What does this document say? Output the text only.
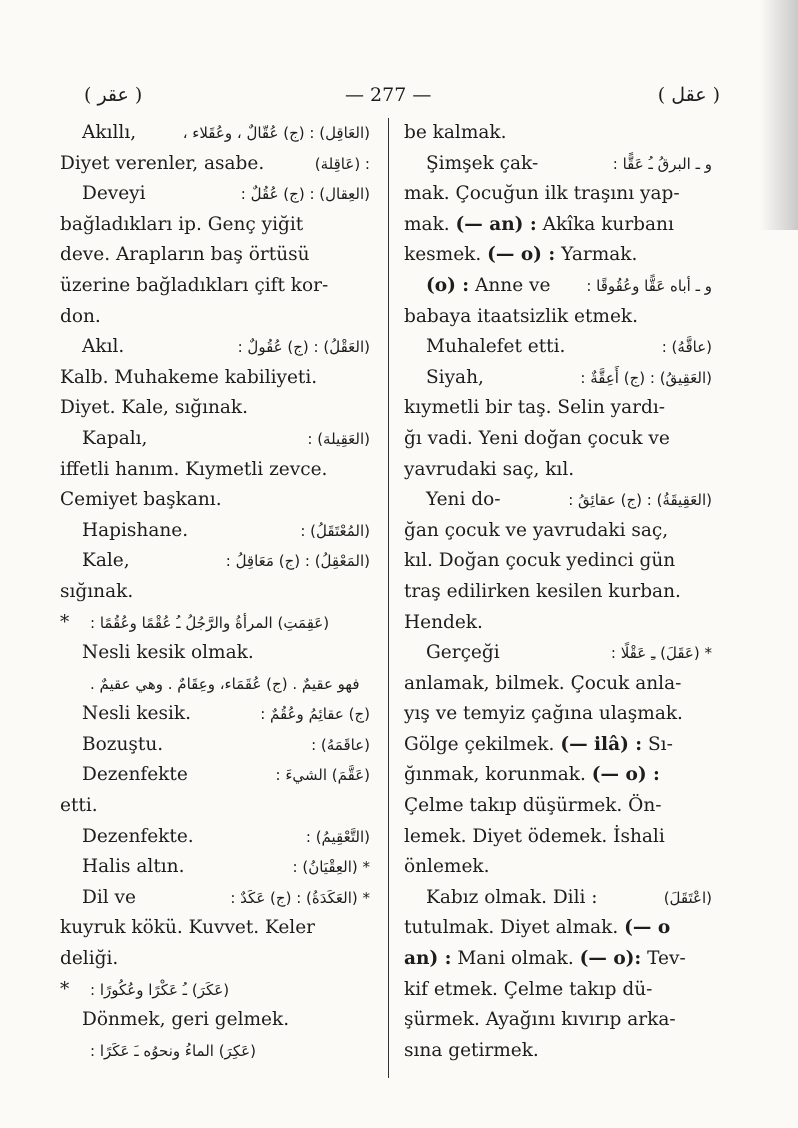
( عقر )	— 277 —	( عقل )
Akıllı,	(العَاقِل) : (ج) عُقّالٌ ، وعُقَلاء ،
Diyet verenler, asabe.	: (عَاقِلة)
Deveyi	(العِقال) : (ج) عُقُلٌ :
bağladıkları ip. Genç yiğit
deve. Arapların baş örtüsü
üzerine bağladıkları çift kor-
don.
Akıl.	(العَقْلُ) : (ج) عُقُولٌ :
Kalb. Muhakeme kabiliyeti.
Diyet. Kale, sığınak.
Kapalı,	(العَقِيلة) :
iffetli hanım. Kıymetli zevce.
Cemiyet başkanı.
Hapishane.	(المُعْتَقَلُ) :
Kale,	(المَعْقِلُ) : (ج) مَعَاقِلُ :
sığınak.
* (عَقِمَتِ) المرأةُ والرَّجُلُ ـُ عُقْمًا وعُقُمًا :
Nesli kesik olmak.
فهو عقيمٌ . (ج) عُقَمَاء، وعِقَامٌ . وهي عقيمٌ .
Nesli kesik.	(ج) عقائِمُ وعُقُمٌ :
Bozuştu.	(عاقَمَهُ) :
Dezenfekte	(عَقَّمَ) الشيءَ :
etti.
Dezenfekte.	(التَّعْقِيمُ) :
Halis altın.	* (العِقْيَانُ) :
Dil ve	* (العَكَدَةُ) : (ج) عَكَدٌ :
kuyruk kökü. Kuvvet. Keler
deliği.
* (عَكَرَ) ـُ عَكْرًا وعُكُورًا :
Dönmek, geri gelmek.
(عَكِرَ) الماءُ ونحوُه ـَ عَكَرًا :
be kalmak.
Şimşek çak-	و ـ البرقُ ـُ عَقًّا :
mak. Çocuğun ilk traşını yap-
mak. (— an) : Akîka kurbanı
kesmek. (— o) : Yarmak.
(o) : Anne ve و ـ أباه عَقًّا وعُقُوقًا :
babaya itaatsizlik etmek.
Muhalefet etti.	(عاقَّهُ) :
Siyah,	(العَقِيقُ) : (ج) أَعِقَّةٌ :
kıymetli bir taş. Selin yardı-
ğı vadi. Yeni doğan çocuk ve
yavrudaki saç, kıl.
Yeni do-	(العَقِيقَةُ) : (ج) عقائِقُ :
ğan çocuk ve yavrudaki saç,
kıl. Doğan çocuk yedinci gün
traş edilirken kesilen kurban.
Hendek.
Gerçeği	* (عَقَلَ) ـِ عَقْلًا :
anlamak, bilmek. Çocuk anla-
yış ve temyiz çağına ulaşmak.
Gölge çekilmek. (— ilâ) : Sı-
ğınmak, korunmak. (— o) :
Çelme takıp düşürmek. Ön-
lemek. Diyet ödemek. İshali
önlemek.
Kabız olmak. Dili :	(اعْتَقَلَ)
tutulmak. Diyet almak. (— o
an) : Mani olmak. (— o): Tev-
kif etmek. Çelme takıp dü-
şürmek. Ayağını kıvırıp arka-
sına getirmek.
